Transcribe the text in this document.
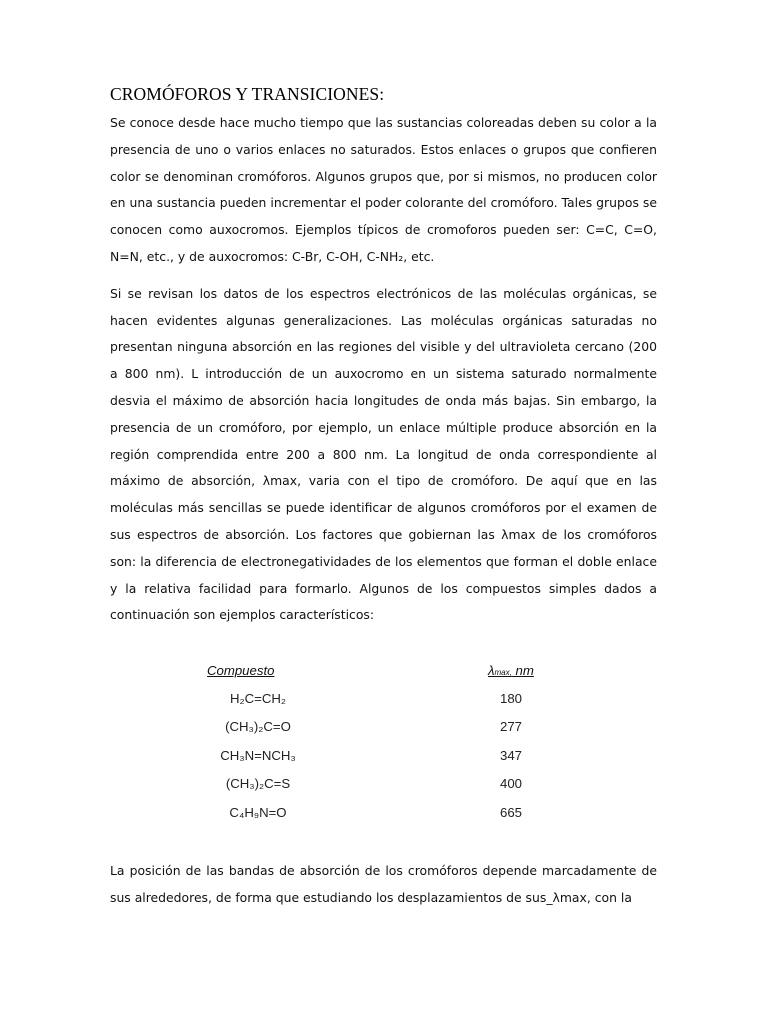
CROMÓFOROS Y TRANSICIONES:

Se conoce desde hace mucho tiempo que las sustancias coloreadas deben su color a la presencia de uno o varios enlaces no saturados. Estos enlaces o grupos que confieren color se denominan cromóforos. Algunos grupos que, por si mismos, no producen color en una sustancia pueden incrementar el poder colorante del cromóforo. Tales grupos se conocen como auxocromos. Ejemplos típicos de cromoforos pueden ser: C=C, C=O, N=N, etc., y de auxocromos: C-Br, C-OH, C-NH₂, etc.

Si se revisan los datos de los espectros electrónicos de las moléculas orgánicas, se hacen evidentes algunas generalizaciones. Las moléculas orgánicas saturadas no presentan ninguna absorción en las regiones del visible y del ultravioleta cercano (200 a 800 nm). L introducción de un auxocromo en un sistema saturado normalmente desvia el máximo de absorción hacia longitudes de onda más bajas. Sin embargo, la presencia de un cromóforo, por ejemplo, un enlace múltiple produce absorción en la región comprendida entre 200 a 800 nm. La longitud de onda correspondiente al máximo de absorción, λmax, varia con el tipo de cromóforo. De aquí que en las moléculas más sencillas se puede identificar de algunos cromóforos por el examen de sus espectros de absorción. Los factores que gobiernan las λmax de los cromóforos son: la diferencia de electronegatividades de los elementos que forman el doble enlace y la relativa facilidad para formarlo. Algunos de los compuestos simples dados a continuación son ejemplos característicos:

Compuesto	λmax, nm
H₂C=CH₂	180
(CH₃)₂C=O	277
CH₃N=NCH₃	347
(CH₃)₂C=S	400
C₄H₉N=O	665

La posición de las bandas de absorción de los cromóforos depende marcadamente de sus alrededores, de forma que estudiando los desplazamientos de sus_λmax, con la
